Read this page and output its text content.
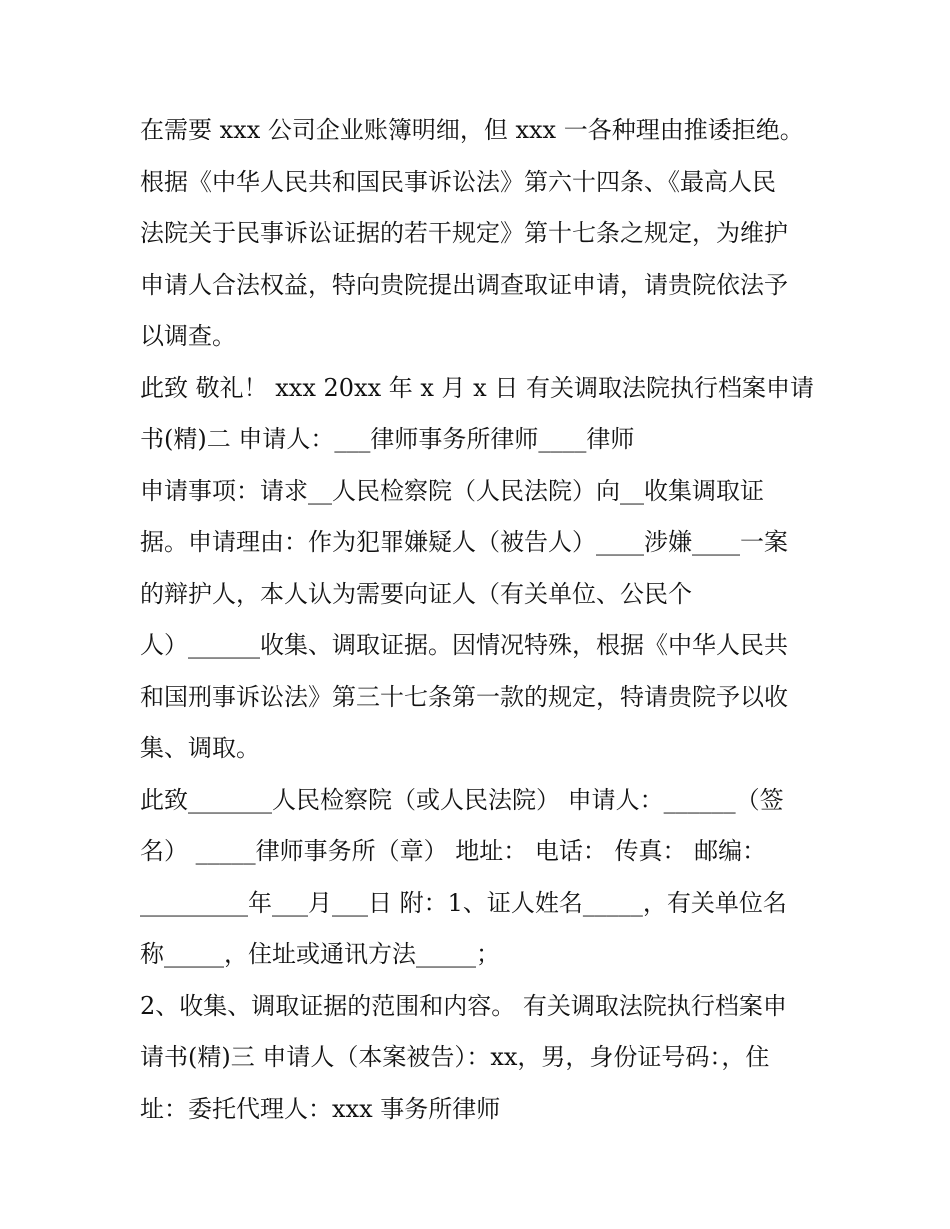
在需要 xxx 公司企业账簿明细，但 xxx 一各种理由推诿拒绝。
根据《中华人民共和国民事诉讼法》第六十四条、《最高人民
法院关于民事诉讼证据的若干规定》第十七条之规定，为维护
申请人合法权益，特向贵院提出调查取证申请，请贵院依法予
以调查。
此致 敬礼！ xxx 20xx 年 x 月 x 日 有关调取法院执行档案申请
书(精)二 申请人：___律师事务所律师____律师
申请事项：请求__人民检察院（人民法院）向__收集调取证
据。申请理由：作为犯罪嫌疑人（被告人）____涉嫌____一案
的辩护人，本人认为需要向证人（有关单位、公民个
人）______收集、调取证据。因情况特殊，根据《中华人民共
和国刑事诉讼法》第三十七条第一款的规定，特请贵院予以收
集、调取。
此致_______人民检察院（或人民法院） 申请人：______（签
名） _____律师事务所（章） 地址： 电话： 传真： 邮编：
_________年___月___日 附：1、证人姓名_____，有关单位名
称_____，住址或通讯方法_____；
2、收集、调取证据的范围和内容。 有关调取法院执行档案申
请书(精)三 申请人（本案被告）：xx，男，身份证号码：，住
址：委托代理人：xxx 事务所律师
